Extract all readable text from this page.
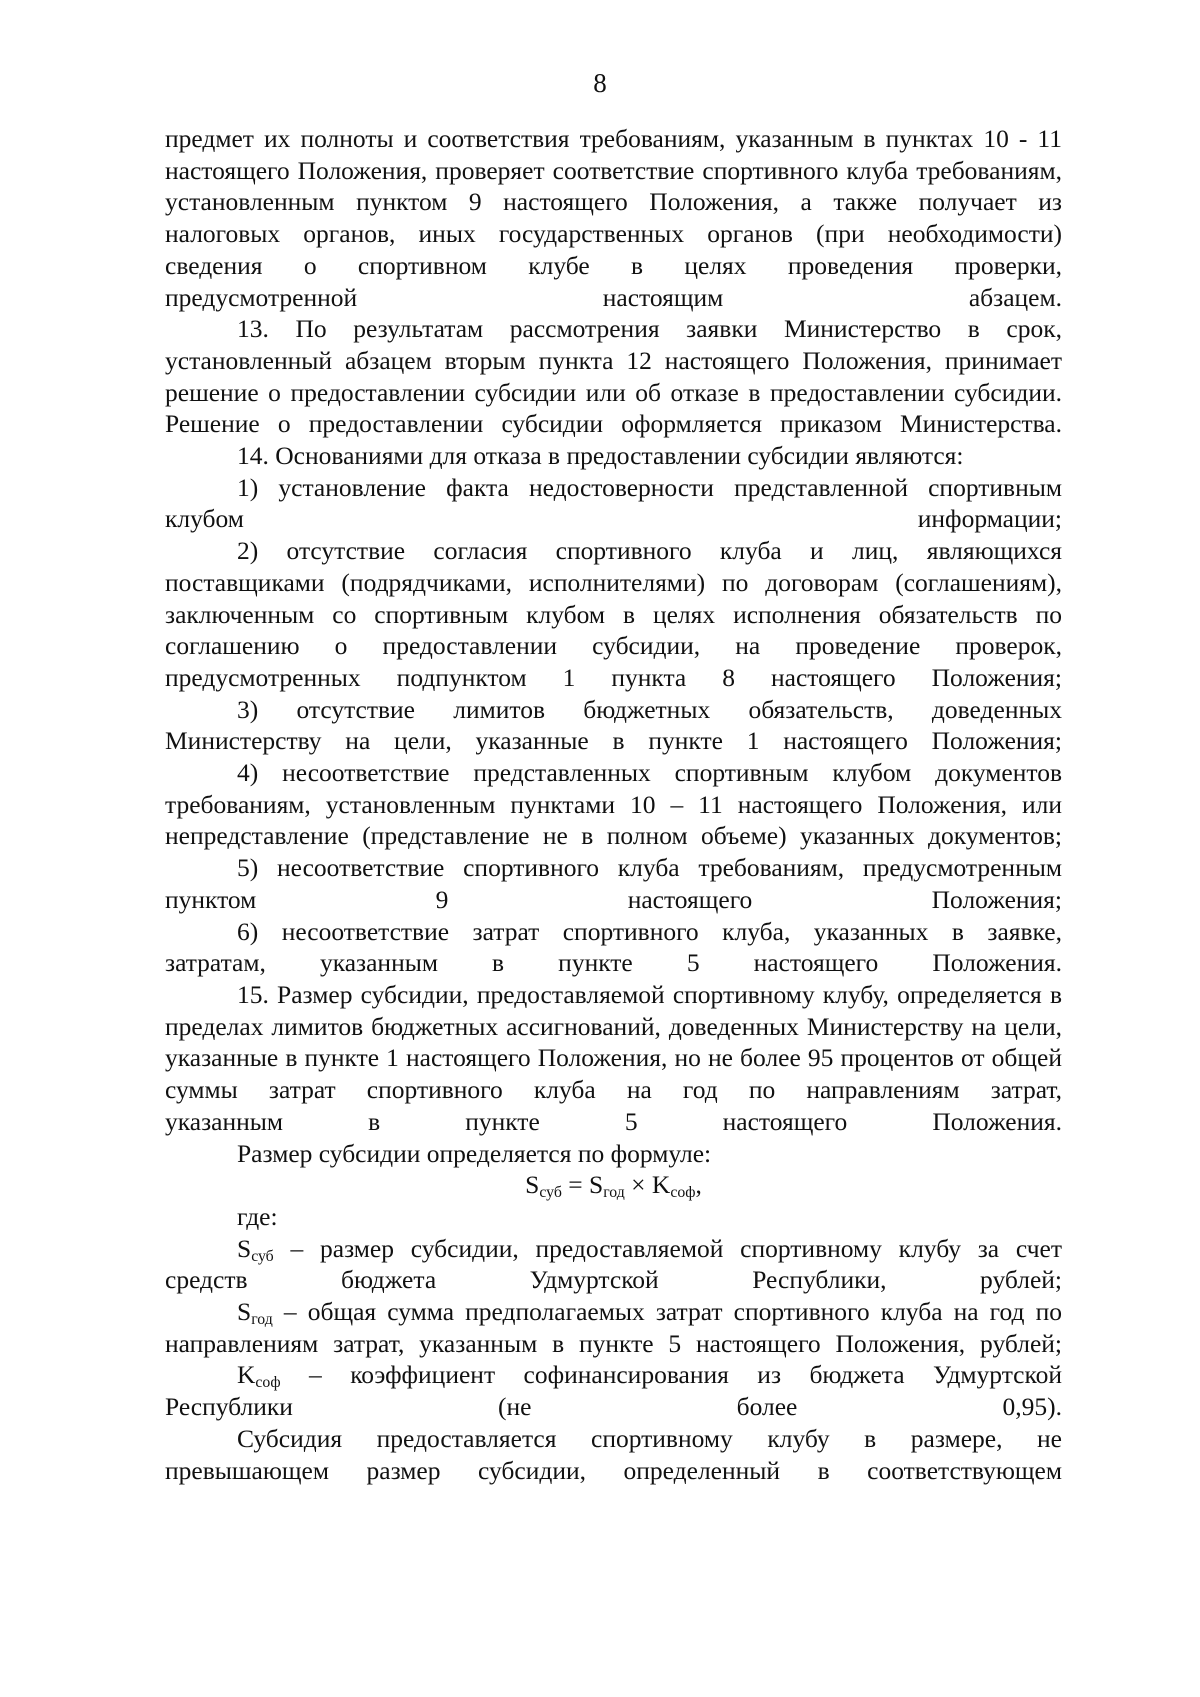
8

предмет их полноты и соответствия требованиям, указанным в пунктах 10 - 11 настоящего Положения, проверяет соответствие спортивного клуба требованиям, установленным пунктом 9 настоящего Положения, а также получает из налоговых органов, иных государственных органов (при необходимости) сведения о спортивном клубе в целях проведения проверки,
предусмотренной настоящим абзацем.

13. По результатам рассмотрения заявки Министерство в срок, установленный абзацем вторым пункта 12 настоящего Положения, принимает решение о предоставлении субсидии или об отказе в предоставлении субсидии.
Решение о предоставлении субсидии оформляется приказом Министерства.

14. Основаниями для отказа в предоставлении субсидии являются:

1) установление факта недостоверности представленной спортивным
клубом информации;

2) отсутствие согласия спортивного клуба и лиц, являющихся поставщиками (подрядчиками, исполнителями) по договорам (соглашениям), заключенным со спортивным клубом в целях исполнения обязательств по соглашению о предоставлении субсидии, на проведение проверок,
предусмотренных подпунктом 1 пункта 8 настоящего Положения;

3) отсутствие лимитов бюджетных обязательств, доведенных
Министерству на цели, указанные в пункте 1 настоящего Положения;

4) несоответствие представленных спортивным клубом документов требованиям, установленным пунктами 10 – 11 настоящего Положения, или
непредставление (представление не в полном объеме) указанных документов;

5) несоответствие спортивного клуба требованиям, предусмотренным
пунктом 9 настоящего Положения;

6) несоответствие затрат спортивного клуба, указанных в заявке,
затратам, указанным в пункте 5 настоящего Положения.

15. Размер субсидии, предоставляемой спортивному клубу, определяется в пределах лимитов бюджетных ассигнований, доведенных Министерству на цели, указанные в пункте 1 настоящего Положения, но не более 95 процентов от общей суммы затрат спортивного клуба на год по направлениям затрат,
указанным в пункте 5 настоящего Положения.

Размер субсидии определяется по формуле:

$S_{суб} = S_{год} \times K_{соф}$,

где:

$S_{суб}$ – размер субсидии, предоставляемой спортивному клубу за счет
средств бюджета Удмуртской Республики, рублей;

$S_{год}$ – общая сумма предполагаемых затрат спортивного клуба на год по
направлениям затрат, указанным в пункте 5 настоящего Положения, рублей;

$K_{соф}$ – коэффициент софинансирования из бюджета Удмуртской
Республики (не более 0,95).

Субсидия предоставляется спортивному клубу в размере, не превышающем размер субсидии, определенный в соответствующем
